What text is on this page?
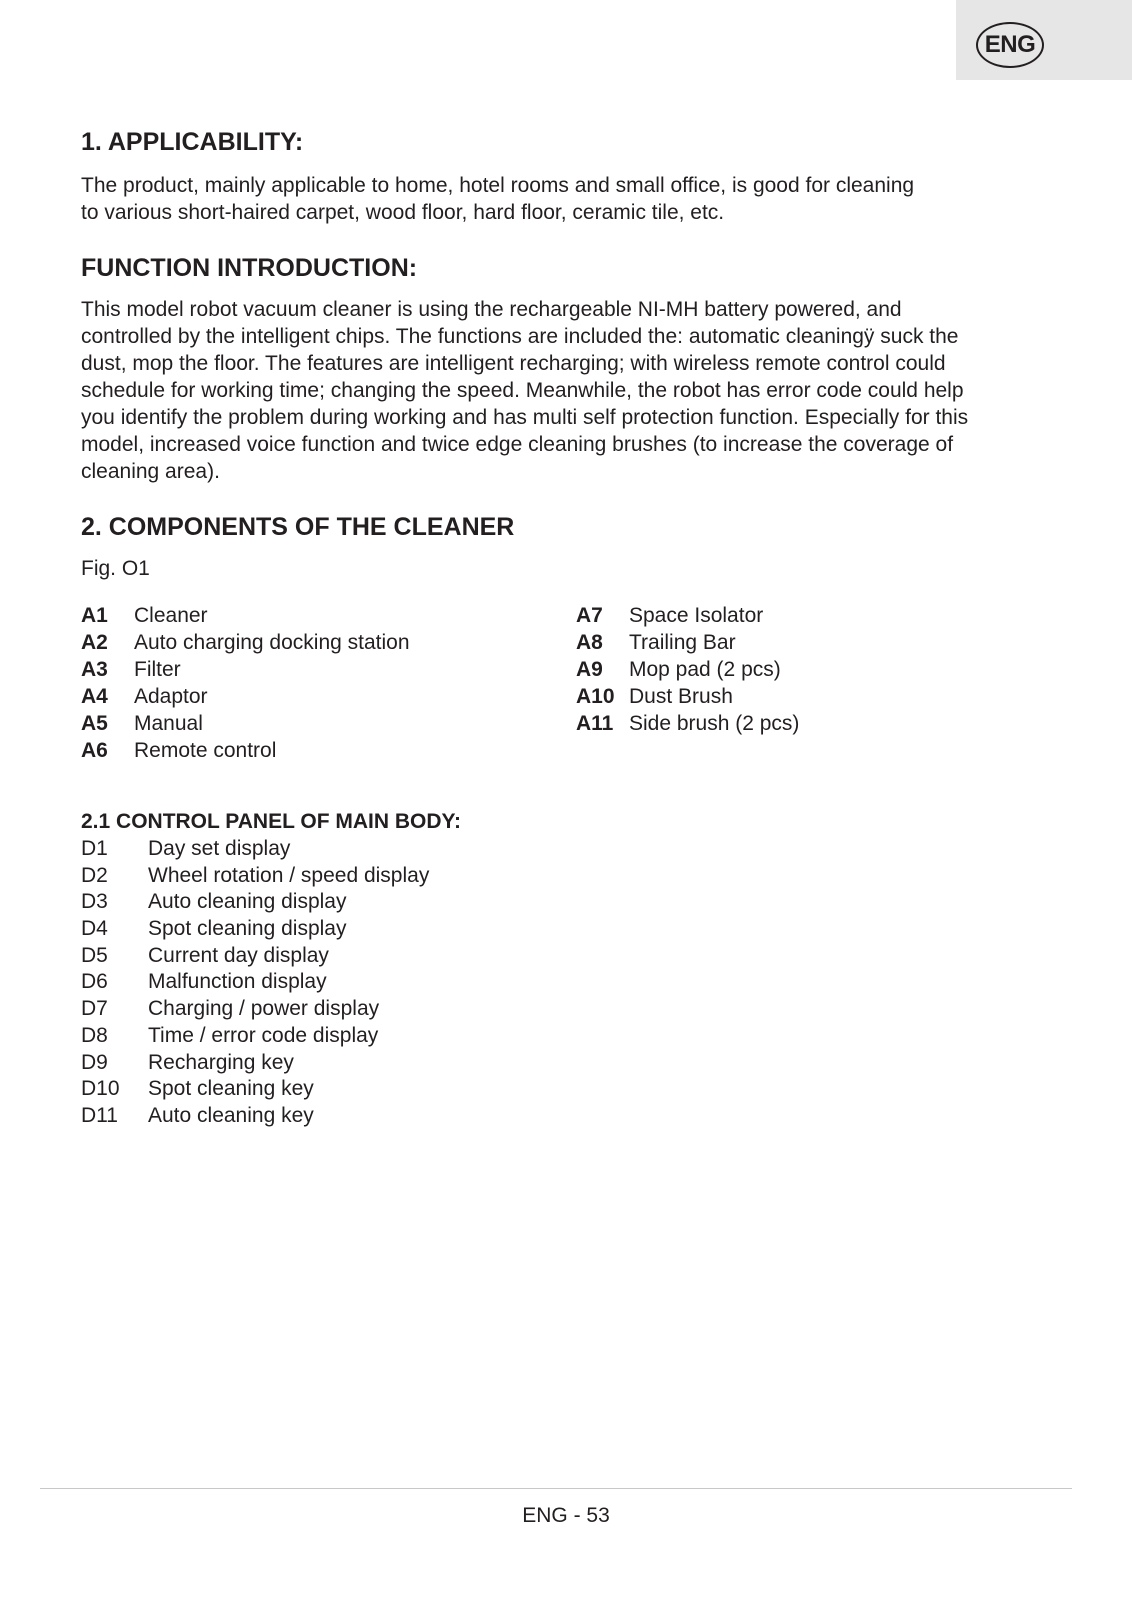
ENG
1. APPLICABILITY:

The product, mainly applicable to home, hotel rooms and small office, is good for cleaning
to various short-haired carpet, wood floor, hard floor, ceramic tile, etc.

FUNCTION INTRODUCTION:

This model robot vacuum cleaner is using the rechargeable NI-MH battery powered, and
controlled by the intelligent chips. The functions are included the: automatic cleaningÿ suck the
dust, mop the floor. The features are intelligent recharging; with wireless remote control could
schedule for working time; changing the speed. Meanwhile, the robot has error code could help
you identify the problem during working and has multi self protection function. Especially for this
model, increased voice function and twice edge cleaning brushes (to increase the coverage of
cleaning area).

2. COMPONENTS OF THE CLEANER
Fig. O1
A1	Cleaner
A2	Auto charging docking station
A3	Filter
A4	Adaptor
A5	Manual
A6	Remote control
A7	Space Isolator
A8	Trailing Bar
A9	Mop pad (2 pcs)
A10 Dust Brush
A11 Side brush (2 pcs)
2.1 CONTROL PANEL OF MAIN BODY:
D1	Day set display
D2	Wheel rotation / speed display
D3	Auto cleaning display
D4	Spot cleaning display
D5	Current day display
D6	Malfunction display
D7	Charging / power display
D8	Time / error code display
D9	Recharging key
D10	Spot cleaning key
D11	Auto cleaning key
ENG - 53
